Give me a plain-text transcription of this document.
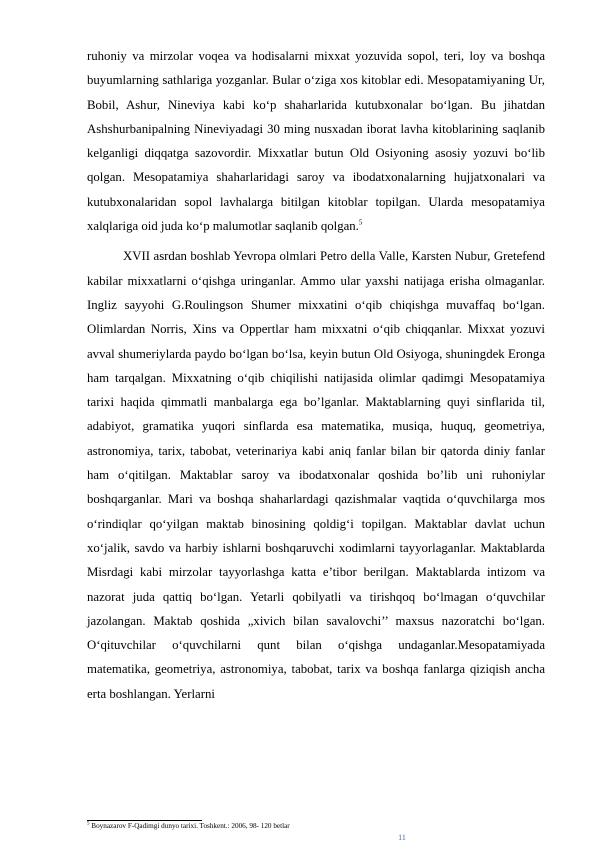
ruhoniy va mirzolar voqea va hodisalarni mixxat yozuvida sopol, teri, loy va boshqa buyumlarning sathlariga yozganlar. Bular o‘ziga xos kitoblar edi. Mesopatamiyaning Ur, Bobil, Ashur, Nineviya kabi ko‘p shaharlarida kutubxonalar bo‘lgan. Bu jihatdan Ashshurbanipalning Nineviyadagi 30 ming nusxadan iborat lavha kitoblarining saqlanib kelganligi diqqatga sazovordir. Mixxatlar butun Old Osiyoning asosiy yozuvi bo‘lib qolgan. Mesopatamiya shaharlaridagi saroy va ibodatxonalarning hujjatxonalari va kutubxonalaridan sopol lavhalarga bitilgan kitoblar topilgan. Ularda mesopatamiya xalqlariga oid juda ko‘p malumotlar saqlanib qolgan.$^5$

XVII asrdan boshlab Yevropa olmlari Petro della Valle, Karsten Nubur, Gretefend kabilar mixxatlarni o‘qishga uringanlar. Ammo ular yaxshi natijaga erisha olmaganlar. Ingliz sayyohi G.Roulingson Shumer mixxatini o‘qib chiqishga muvaffaq bo‘lgan. Olimlardan Norris, Xins va Oppertlar ham mixxatni o‘qib chiqqanlar. Mixxat yozuvi avval shumeriylarda paydo bo‘lgan bo‘lsa, keyin butun Old Osiyoga, shuningdek Eronga ham tarqalgan. Mixxatning o‘qib chiqilishi natijasida olimlar qadimgi Mesopatamiya tarixi haqida qimmatli manbalarga ega bo’lganlar. Maktablarning quyi sinflarida til, adabiyot, gramatika yuqori sinflarda esa matematika, musiqa, huquq, geometriya, astronomiya, tarix, tabobat, veterinariya kabi aniq fanlar bilan bir qatorda diniy fanlar ham o‘qitilgan. Maktablar saroy va ibodatxonalar qoshida bo’lib uni ruhoniylar boshqarganlar. Mari va boshqa shaharlardagi qazishmalar vaqtida o‘quvchilarga mos o‘rindiqlar qo‘yilgan maktab binosining qoldig‘i topilgan. Maktablar davlat uchun xo‘jalik, savdo va harbiy ishlarni boshqaruvchi xodimlarni tayyorlaganlar. Maktablarda Misrdagi kabi mirzolar tayyorlashga katta e’tibor berilgan. Maktablarda intizom va nazorat juda qattiq bo‘lgan. Yetarli qobilyatli va tirishqoq bo‘lmagan o‘quvchilar jazolangan. Maktab qoshida „xivich bilan savalovchi’’ maxsus nazoratchi bo‘lgan. O‘qituvchilar o‘quvchilarni qunt bilan o‘qishga undaganlar.Mesopatamiyada matematika, geometriya, astronomiya, tabobat, tarix va boshqa fanlarga qiziqish ancha erta boshlangan. Yerlarni

$^5$ Boynazarov F-Qadimgi dunyo tarixi. Toshkent.: 2006, 98- 120 betlar
11
